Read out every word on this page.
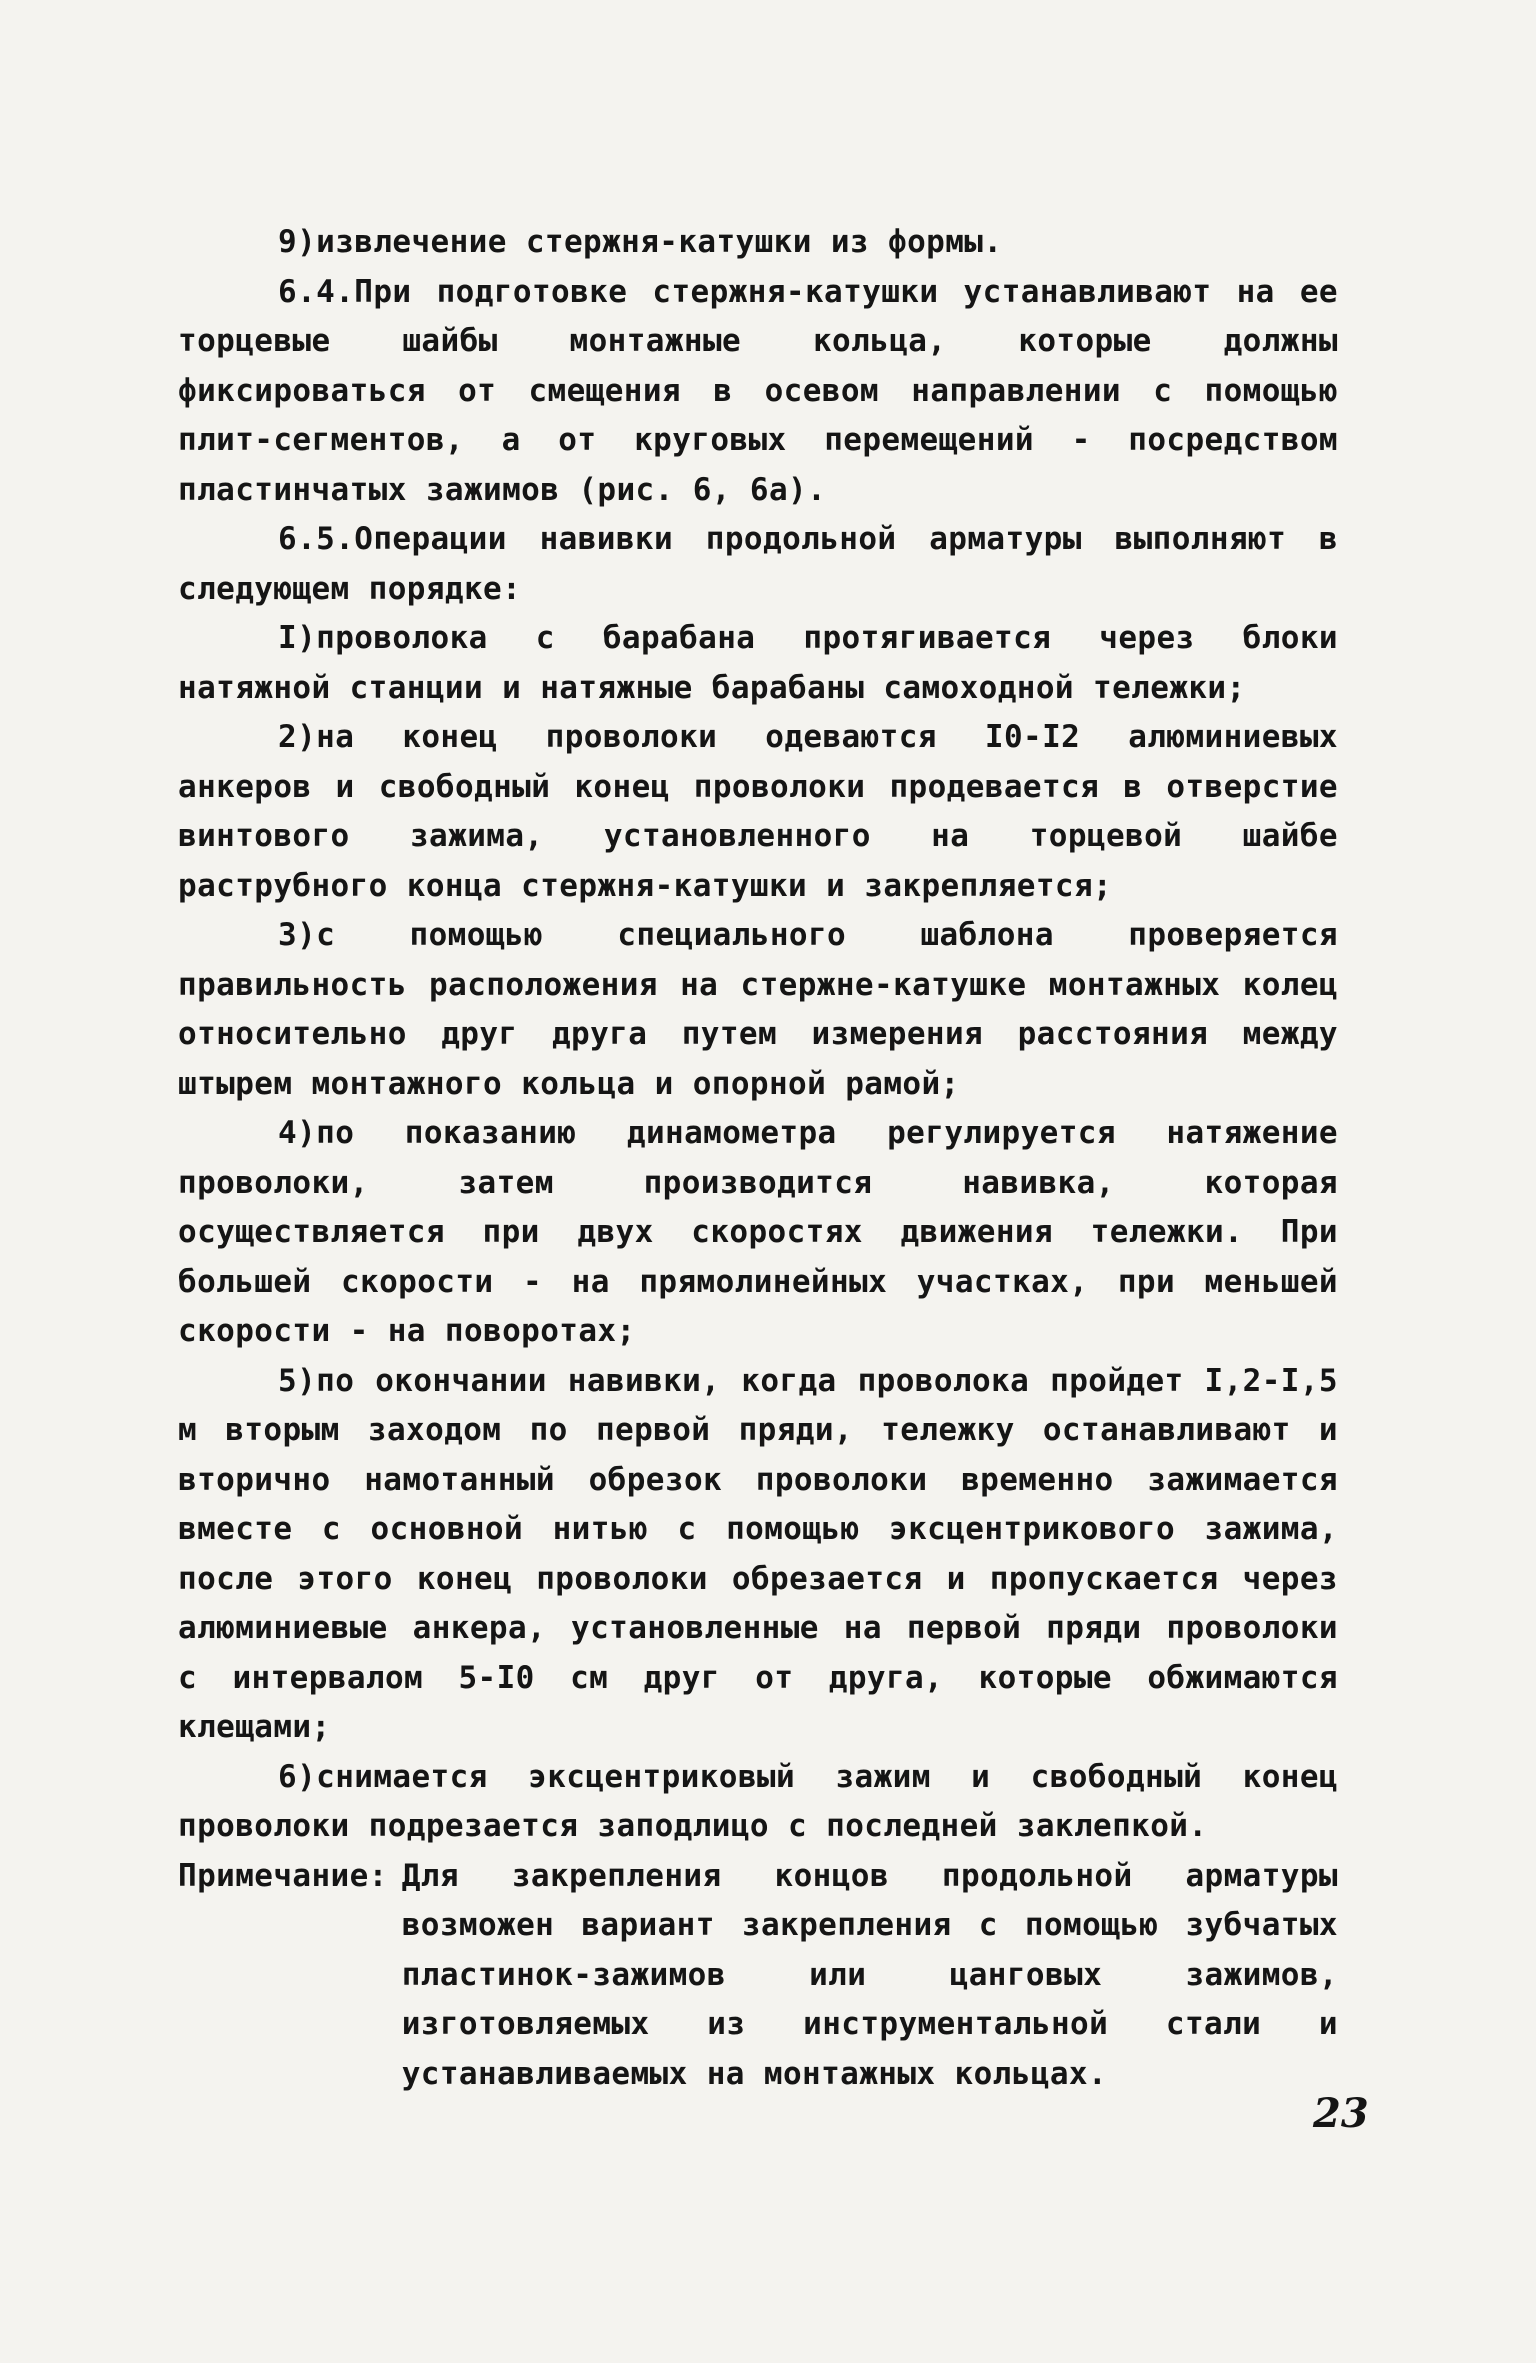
9)извлечение стержня-катушки из формы.

6.4.При подготовке стержня-катушки устанавливают на ее торцевые шайбы монтажные кольца, которые должны фиксироваться от смещения в осевом направлении с помощью плит-сегментов, а от круговых перемещений - посредством пластинчатых зажимов (рис. 6, 6а).

6.5.Операции навивки продольной арматуры выполняют в следующем порядке:

I)проволока с барабана протягивается через блоки натяжной станции и натяжные барабаны самоходной тележки;

2)на конец проволоки одеваются I0-I2 алюминиевых анкеров и свободный конец проволоки продевается в отверстие винтового зажима, установленного на торцевой шайбе раструбного конца стержня-катушки и закрепляется;

3)с помощью специального шаблона проверяется правильность расположения на стержне-катушке монтажных колец относительно друг друга путем измерения расстояния между штырем монтажного кольца и опорной рамой;

4)по показанию динамометра регулируется натяжение проволоки, затем производится навивка, которая осуществляется при двух скоростях движения тележки. При большей скорости - на прямолинейных участках, при меньшей скорости - на поворотах;

5)по окончании навивки, когда проволока пройдет I,2-I,5 м вторым заходом по первой пряди, тележку останавливают и вторично намотанный обрезок проволоки временно зажимается вместе с основной нитью с помощью эксцентрикового зажима, после этого конец проволоки обрезается и пропускается через алюминиевые анкера, установленные на первой пряди проволоки с интервалом 5-I0 см друг от друга, которые обжимаются клещами;

6)снимается эксцентриковый зажим и свободный конец проволоки подрезается заподлицо с последней заклепкой.

Примечание: Для закрепления концов продольной арматуры возможен вариант закрепления с помощью зубчатых пластинок-зажимов или цанговых зажимов, изготовляемых из инструментальной стали и устанавливаемых на монтажных кольцах.
23
